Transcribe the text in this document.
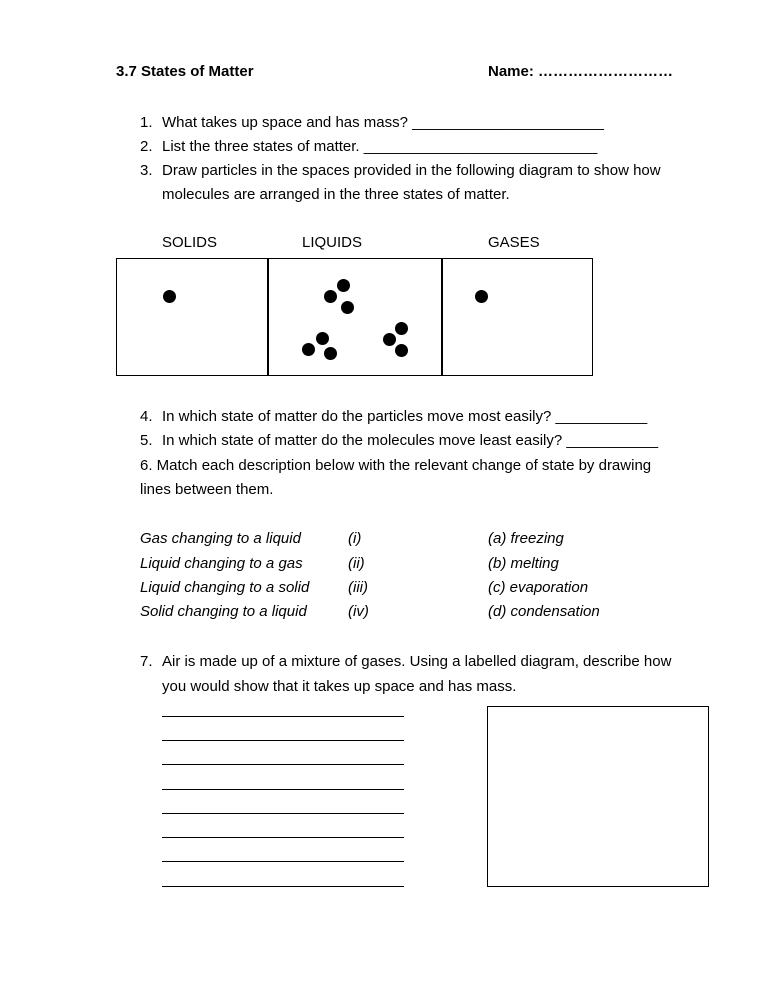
3.7 States of Matter	Name: ………………………
1. What takes up space and has mass? _______________________
2. List the three states of matter. ____________________________
3. Draw particles in the spaces provided in the following diagram to show how
molecules are arranged in the three states of matter.
SOLIDS	LIQUIDS	GASES
4. In which state of matter do the particles move most easily? ___________
5. In which state of matter do the molecules move least easily? ___________
6. Match each description below with the relevant change of state by drawing
lines between them.
Gas changing to a liquid	(i)	(a) freezing
Liquid changing to a gas	(ii)	(b) melting
Liquid changing to a solid	(iii)	(c) evaporation
Solid changing to a liquid	(iv)	(d) condensation
7. Air is made up of a mixture of gases. Using a labelled diagram, describe how
you would show that it takes up space and has mass.
